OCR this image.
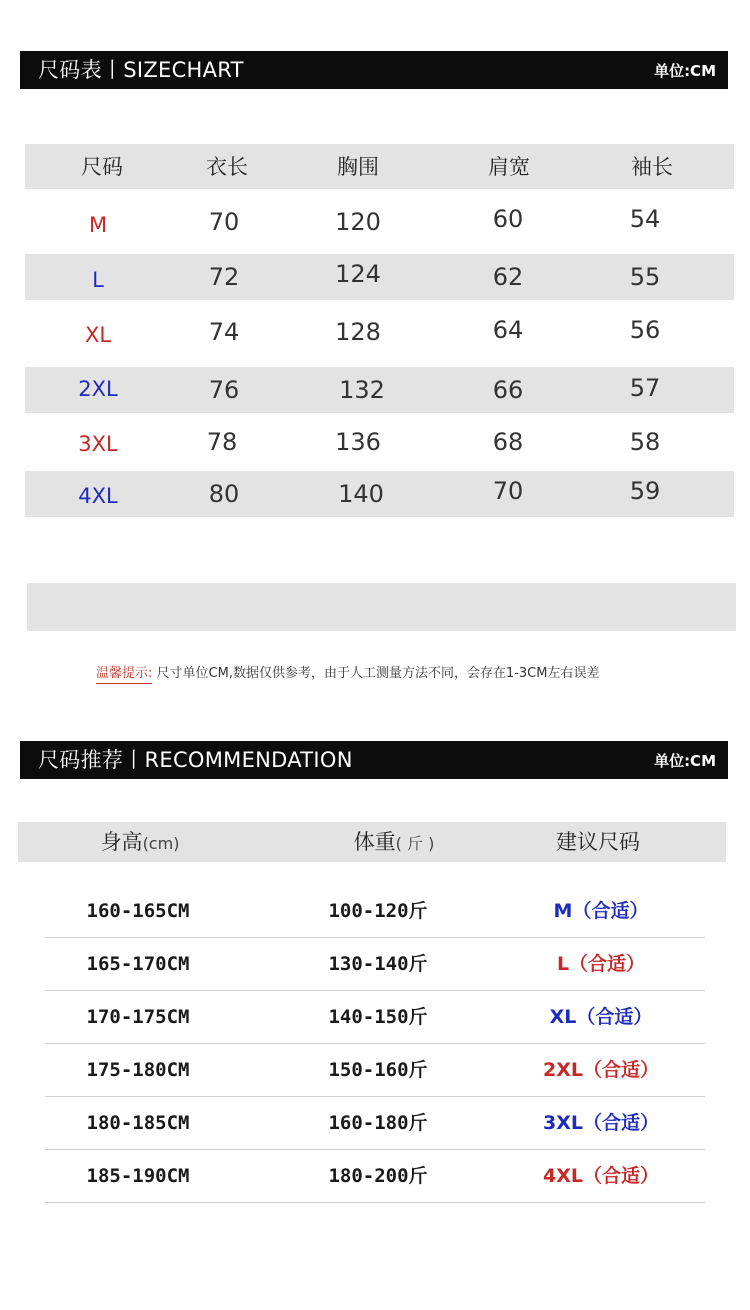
尺码表丨SIZECHART	单位:CM
尺码	衣长	胸围	肩宽	袖长
M	70	120	60	54
L	72	124	62	55
XL	74	128	64	56
2XL	76	132	66	57
3XL	78	136	68	58
4XL	80	140	70	59
温馨提示: 尺寸单位CM,数据仅供参考，由于人工测量方法不同，会存在1-3CM左右误差
尺码推荐丨RECOMMENDATION	单位:CM
身高(cm)	体重( 斤 )	建议尺码
160-165CM	100-120斤	M（合适）
165-170CM	130-140斤	L（合适）
170-175CM	140-150斤	XL（合适）
175-180CM	150-160斤	2XL（合适）
180-185CM	160-180斤	3XL（合适）
185-190CM	180-200斤	4XL（合适）
